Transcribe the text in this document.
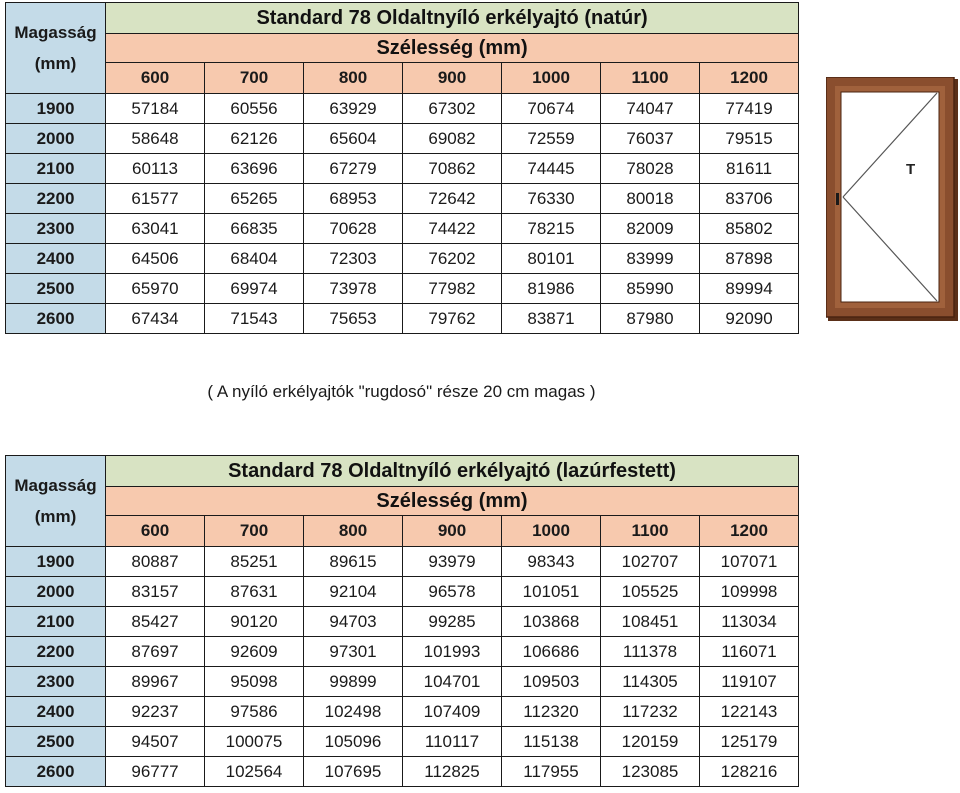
Magasság
(mm)	Standard 78 Oldaltnyíló erkélyajtó (natúr)						
	Szélesség (mm)						
	600	700	800	900	1000	1100	1200
1900	57184	60556	63929	67302	70674	74047	77419
2000	58648	62126	65604	69082	72559	76037	79515
2100	60113	63696	67279	70862	74445	78028	81611
2200	61577	65265	68953	72642	76330	80018	83706
2300	63041	66835	70628	74422	78215	82009	85802
2400	64506	68404	72303	76202	80101	83999	87898
2500	65970	69974	73978	77982	81986	85990	89994
2600	67434	71543	75653	79762	83871	87980	92090
( A nyíló erkélyajtók "rugdosó" része 20 cm magas )
Magasság
(mm)	Standard 78 Oldaltnyíló erkélyajtó (lazúrfestett)						
	Szélesség (mm)						
	600	700	800	900	1000	1100	1200
1900	80887	85251	89615	93979	98343	102707	107071
2000	83157	87631	92104	96578	101051	105525	109998
2100	85427	90120	94703	99285	103868	108451	113034
2200	87697	92609	97301	101993	106686	111378	116071
2300	89967	95098	99899	104701	109503	114305	119107
2400	92237	97586	102498	107409	112320	117232	122143
2500	94507	100075	105096	110117	115138	120159	125179
2600	96777	102564	107695	112825	117955	123085	128216
T
